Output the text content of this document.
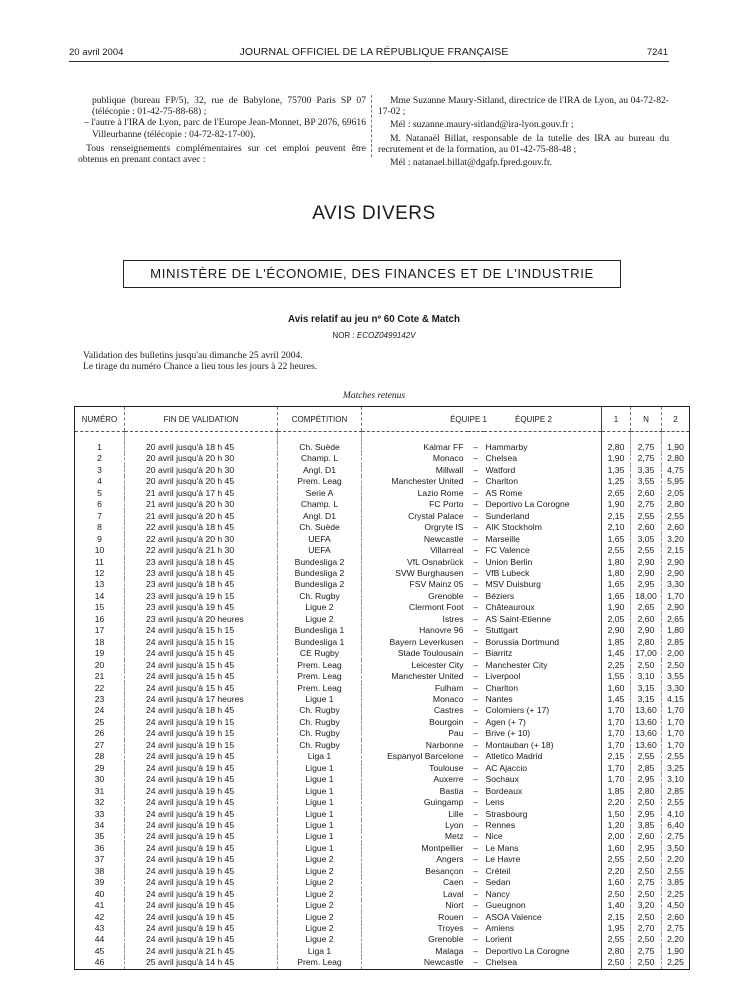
20 avril 2004	JOURNAL OFFICIEL DE LA RÉPUBLIQUE FRANÇAISE	7241
publique (bureau FP/5), 32, rue de Babylone, 75700 Paris SP 07 (télécopie : 01-42-75-88-68) ;
– l'autre à l'IRA de Lyon, parc de l'Europe Jean-Monnet, BP 2076, 69616 Villeurbanne (télécopie : 04-72-82-17-00).
Tous renseignements complémentaires sur cet emploi peuvent être obtenus en prenant contact avec :
Mme Suzanne Maury-Sitland, directrice de l'IRA de Lyon, au 04-72-82-17-02 ;
Mél : suzanne.maury-sitland@ira-lyon.gouv.fr ;
M. Natanaël Billat, responsable de la tutelle des IRA au bureau du recrutement et de la formation, au 01-42-75-88-48 ;
Mél : natanael.billat@dgafp.fpred.gouv.fr.
AVIS DIVERS
MINISTÈRE DE L'ÉCONOMIE, DES FINANCES ET DE L'INDUSTRIE
Avis relatif au jeu nº 60 Cote & Match
NOR : ECOZ0499142V
Validation des bulletins jusqu'au dimanche 25 avril 2004.
Le tirage du numéro Chance a lieu tous les jours à 22 heures.
Matches retenus
NUMÉRO	FIN DE VALIDATION	COMPÉTITION	ÉQUIPE 1 ÉQUIPE 2			1	N	2

1	20 avril jusqu'à 18 h 45	Ch. Suède	Kalmar FF	–	Hammarby	2,80	2,75	1,90
2	20 avril jusqu'à 20 h 30	Champ. L	Monaco	–	Chelsea	1,90	2,75	2,80
3	20 avril jusqu'à 20 h 30	Angl. D1	Millwall	–	Watford	1,35	3,35	4,75
4	20 avril jusqu'à 20 h 45	Prem. Leag	Manchester United	–	Charlton	1,25	3,55	5,95
5	21 avril jusqu'à 17 h 45	Serie A	Lazio Rome	–	AS Rome	2,65	2,60	2,05
6	21 avril jusqu'à 20 h 30	Champ. L	FC Porto	–	Deportivo La Corogne	1,90	2,75	2,80
7	21 avril jusqu'à 20 h 45	Angl. D1	Crystal Palace	–	Sunderland	2,15	2,55	2,55
8	22 avril jusqu'à 18 h 45	Ch. Suède	Orgryte IS	–	AIK Stockholm	2,10	2,60	2,60
9	22 avril jusqu'à 20 h 30	UEFA	Newcastle	–	Marseille	1,65	3,05	3,20
10	22 avril jusqu'à 21 h 30	UEFA	Villarreal	–	FC Valence	2,55	2,55	2,15
11	23 avril jusqu'à 18 h 45	Bundesliga 2	VfL Osnabrück	–	Union Berlin	1,80	2,90	2,90
12	23 avril jusqu'à 18 h 45	Bundesliga 2	SVW Burghausen	–	VfB Lubeck	1,80	2,90	2,90
13	23 avril jusqu'à 18 h 45	Bundesliga 2	FSV Mainz 05	–	MSV Duisburg	1,65	2,95	3,30
14	23 avril jusqu'à 19 h 15	Ch. Rugby	Grenoble	–	Béziers	1,65	18,00	1,70
15	23 avril jusqu'à 19 h 45	Ligue 2	Clermont Foot	–	Châteauroux	1,90	2,65	2,90
16	23 avril jusqu'à 20 heures	Ligue 2	Istres	–	AS Saint-Etienne	2,05	2,60	2,65
17	24 avril jusqu'à 15 h 15	Bundesliga 1	Hanovre 96	–	Stuttgart	2,90	2,90	1,80
18	24 avril jusqu'à 15 h 15	Bundesliga 1	Bayern Leverkusen	–	Borussia Dortmund	1,85	2,80	2,85
19	24 avril jusqu'à 15 h 45	CE Rugby	Stade Toulousain	–	Biarritz	1,45	17,00	2,00
20	24 avril jusqu'à 15 h 45	Prem. Leag	Leicester City	–	Manchester City	2,25	2,50	2,50
21	24 avril jusqu'à 15 h 45	Prem. Leag	Manchester United	–	Liverpool	1,55	3,10	3,55
22	24 avril jusqu'à 15 h 45	Prem. Leag	Fulham	–	Charlton	1,60	3,15	3,30
23	24 avril jusqu'à 17 heures	Ligue 1	Monaco	–	Nantes	1,45	3,15	4,15
24	24 avril jusqu'à 18 h 45	Ch. Rugby	Castres	–	Colomiers (+ 17)	1,70	13,60	1,70
25	24 avril jusqu'à 19 h 15	Ch. Rugby	Bourgoin	–	Agen (+ 7)	1,70	13,60	1,70
26	24 avril jusqu'à 19 h 15	Ch. Rugby	Pau	–	Brive (+ 10)	1,70	13,60	1,70
27	24 avril jusqu'à 19 h 15	Ch. Rugby	Narbonne	–	Montauban (+ 18)	1,70	13,60	1,70
28	24 avril jusqu'à 19 h 45	Liga 1	Espanyol Barcelone	–	Atletico Madrid	2,15	2,55	2,55
29	24 avril jusqu'à 19 h 45	Ligue 1	Toulouse	–	AC Ajaccio	1,70	2,85	3,25
30	24 avril jusqu'à 19 h 45	Ligue 1	Auxerre	–	Sochaux	1,70	2,95	3,10
31	24 avril jusqu'à 19 h 45	Ligue 1	Bastia	–	Bordeaux	1,85	2,80	2,85
32	24 avril jusqu'à 19 h 45	Ligue 1	Guingamp	–	Lens	2,20	2,50	2,55
33	24 avril jusqu'à 19 h 45	Ligue 1	Lille	–	Strasbourg	1,50	2,95	4,10
34	24 avril jusqu'à 19 h 45	Ligue 1	Lyon	–	Rennes	1,20	3,85	6,40
35	24 avril jusqu'à 19 h 45	Ligue 1	Metz	–	Nice	2,00	2,60	2,75
36	24 avril jusqu'à 19 h 45	Ligue 1	Montpellier	–	Le Mans	1,60	2,95	3,50
37	24 avril jusqu'à 19 h 45	Ligue 2	Angers	–	Le Havre	2,55	2,50	2,20
38	24 avril jusqu'à 19 h 45	Ligue 2	Besançon	–	Créteil	2,20	2,50	2,55
39	24 avril jusqu'à 19 h 45	Ligue 2	Caen	–	Sedan	1,60	2,75	3,85
40	24 avril jusqu'à 19 h 45	Ligue 2	Laval	–	Nancy	2,50	2,50	2,25
41	24 avril jusqu'à 19 h 45	Ligue 2	Niort	–	Gueugnon	1,40	3,20	4,50
42	24 avril jusqu'à 19 h 45	Ligue 2	Rouen	–	ASOA Valence	2,15	2,50	2,60
43	24 avril jusqu'à 19 h 45	Ligue 2	Troyes	–	Amiens	1,95	2,70	2,75
44	24 avril jusqu'à 19 h 45	Ligue 2	Grenoble	–	Lorient	2,55	2,50	2,20
45	24 avril jusqu'à 21 h 45	Liga 1	Malaga	–	Deportivo La Corogne	2,80	2,75	1,90
46	25 avril jusqu'à 14 h 45	Prem. Leag	Newcastle	–	Chelsea	2,50	2,50	2,25
